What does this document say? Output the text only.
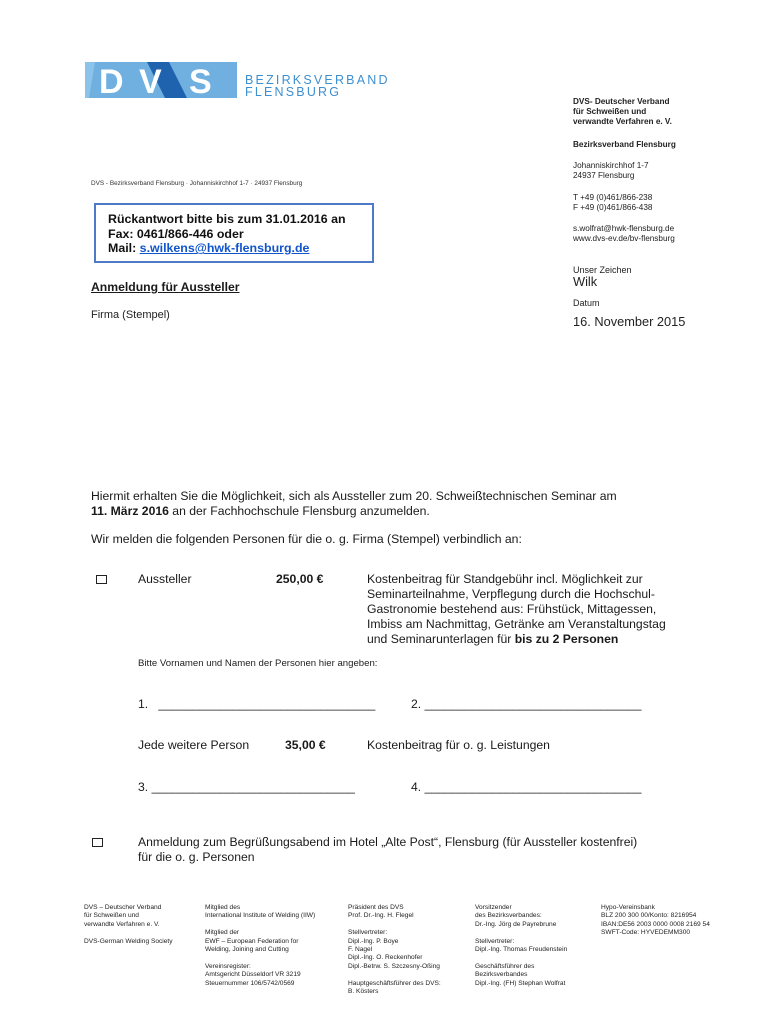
D V S	BEZIRKSVERBAND
FLENSBURG
DVS - Bezirksverband Flensburg · Johanniskirchhof 1-7 · 24937 Flensburg
Rückantwort bitte bis zum 31.01.2016 an
Fax: 0461/866-446 oder
Mail: s.wilkens@hwk-flensburg.de
DVS- Deutscher Verband
für Schweißen und
verwandte Verfahren e. V.
Bezirksverband Flensburg
Johanniskirchhof 1-7
24937 Flensburg
T +49 (0)461/866-238
F +49 (0)461/866-438
s.wolfrat@hwk-flensburg.de
www.dvs-ev.de/bv-flensburg
Unser Zeichen
Wilk
Datum
16. November 2015
Anmeldung für Aussteller
Firma (Stempel)
Hiermit erhalten Sie die Möglichkeit, sich als Aussteller zum 20. Schweißtechnischen Seminar am
11. März 2016 an der Fachhochschule Flensburg anzumelden.
Wir melden die folgenden Personen für die o. g. Firma (Stempel) verbindlich an:
Aussteller	250,00 €	Kostenbeitrag für Standgebühr incl. Möglichkeit zur
Seminarteilnahme, Verpflegung durch die Hochschul-
Gastronomie bestehend aus: Frühstück, Mittagessen,
Imbiss am Nachmittag, Getränke am Veranstaltungstag
und Seminarunterlagen für bis zu 2 Personen
Bitte Vornamen und Namen der Personen hier angeben:
1. ________________________________	2. ________________________________
Jede weitere Person	35,00 €	Kostenbeitrag für o. g. Leistungen
3. ______________________________	4. ________________________________
Anmeldung zum Begrüßungsabend im Hotel „Alte Post“, Flensburg (für Aussteller kostenfrei)
für die o. g. Personen
DVS – Deutscher Verband
für Schweißen und
verwandte Verfahren e. V.
DVS-German Welding Society
Mitglied des
International Institute of Welding (IIW)
Mitglied der
EWF – European Federation for
Welding, Joining and Cutting
Vereinsregister:
Amtsgericht Düsseldorf VR 3219
Steuernummer 106/5742/0569
Präsident des DVS
Prof. Dr.-Ing. H. Flegel
Stellvertreter:
Dipl.-Ing. P. Boye
F. Nagel
Dipl.-Ing. O. Reckenhofer
Dipl.-Betrw. S. Szczesny-Oßing
Hauptgeschäftsführer des DVS:
B. Kösters
Vorsitzender
des Bezirksverbandes:
Dr.-Ing. Jörg de Payrebrune
Stellvertreter:
Dipl.-Ing. Thomas Freudenstein
Geschäftsführer des
Bezirksverbandes
Dipl.-Ing. (FH) Stephan Wolfrat
Hypo-Vereinsbank
BLZ 200 300 00/Konto: 8216954
IBAN:DE56 2003 0000 0008 2169 54
SWFT-Code: HYVEDEMM300
